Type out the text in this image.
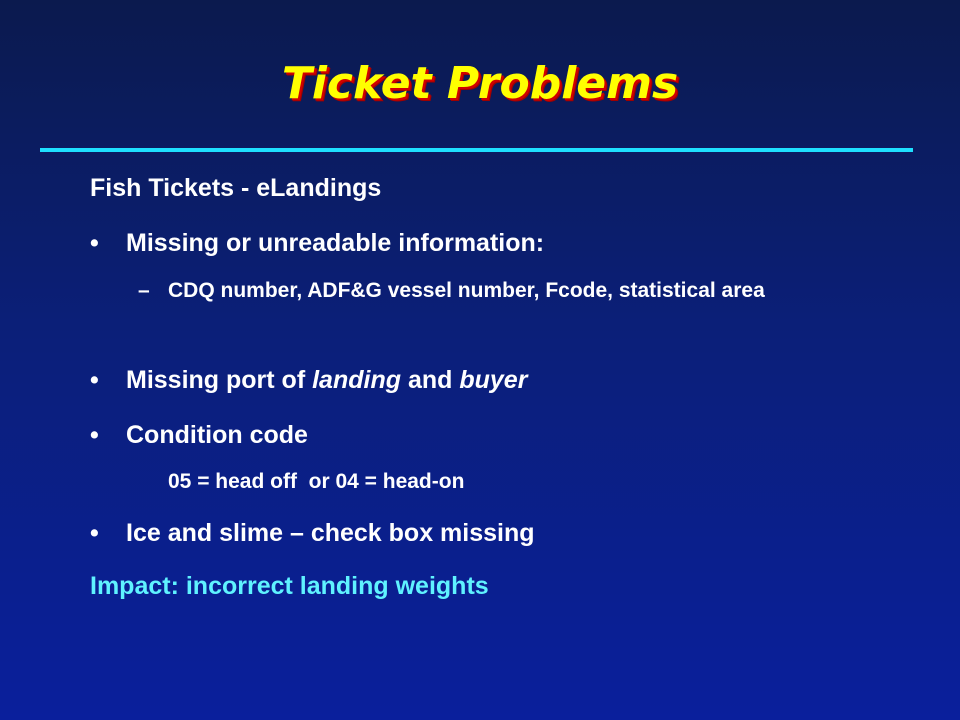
Ticket Problems
Fish Tickets - eLandings
• Missing or unreadable information:
– CDQ number, ADF&G vessel number, Fcode, statistical area
• Missing port of landing and buyer
• Condition code
05 = head off  or 04 = head-on
• Ice and slime – check box missing
Impact: incorrect landing weights
